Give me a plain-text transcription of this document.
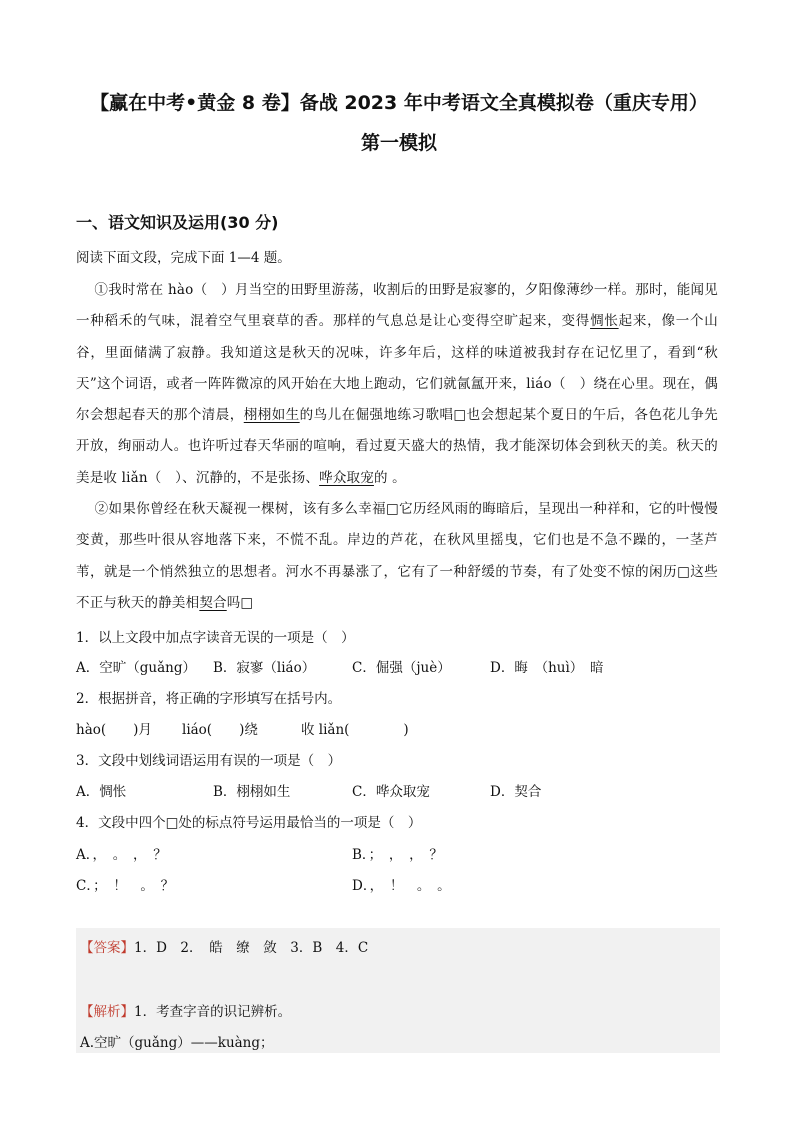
【赢在中考•黄金 8 卷】备战 2023 年中考语文全真模拟卷（重庆专用）
第一模拟
一、语文知识及运用(30 分)
阅读下面文段，完成下面 1—4 题。
①我时常在 hào（　）月当空的田野里游荡，收割后的田野是寂寥的，夕阳像薄纱一样。那时，能闻见一种稻禾的气味，混着空气里衰草的香。那样的气息总是让心变得空旷起来，变得惆怅起来，像一个山谷，里面储满了寂静。我知道这是秋天的况味，许多年后，这样的味道被我封存在记忆里了，看到“秋天”这个词语，或者一阵阵微凉的风开始在大地上跑动，它们就氤氲开来，liáo（　）绕在心里。现在，偶尔会想起春天的那个清晨，栩栩如生的鸟儿在倔强地练习歌唱□也会想起某个夏日的午后，各色花儿争先开放，绚丽动人。也许听过春天华丽的喧响，看过夏天盛大的热情，我才能深切体会到秋天的美。秋天的美是收 liǎn（　）、沉静的，不是张扬、哗众取宠的 。
②如果你曾经在秋天凝视一棵树，该有多么幸福□它历经风雨的晦暗后，呈现出一种祥和，它的叶慢慢变黄，那些叶很从容地落下来，不慌不乱。岸边的芦花，在秋风里摇曳，它们也是不急不躁的，一茎芦苇，就是一个悄然独立的思想者。河水不再暴涨了，它有了一种舒缓的节奏，有了处变不惊的闲历□这些不正与秋天的静美相契合吗□
1．以上文段中加点字读音无误的一项是（　）
A．空旷（guǎng） B．寂寥（liáo）	C．倔强（juè）	D．晦　（huì）　暗
2．根据拼音，将正确的字形填写在括号内。
hào(　　)月 liáo(　　)绕	收 liǎn(　　　　)
3．文段中划线词语运用有误的一项是（　）
A．惆怅	B．栩栩如生	C．哗众取宠	D．契合
4．文段中四个□处的标点符号运用最恰当的一项是（　）
A．，　。　，　？	B．；　，　，　？
C．；　！　。　？	D．，　！　。　。
【答案】1．D　2．　皓　缭　敛　3．B　4．C
【解析】1．考查字音的识记辨析。
A.空旷（guǎng）——kuàng；
